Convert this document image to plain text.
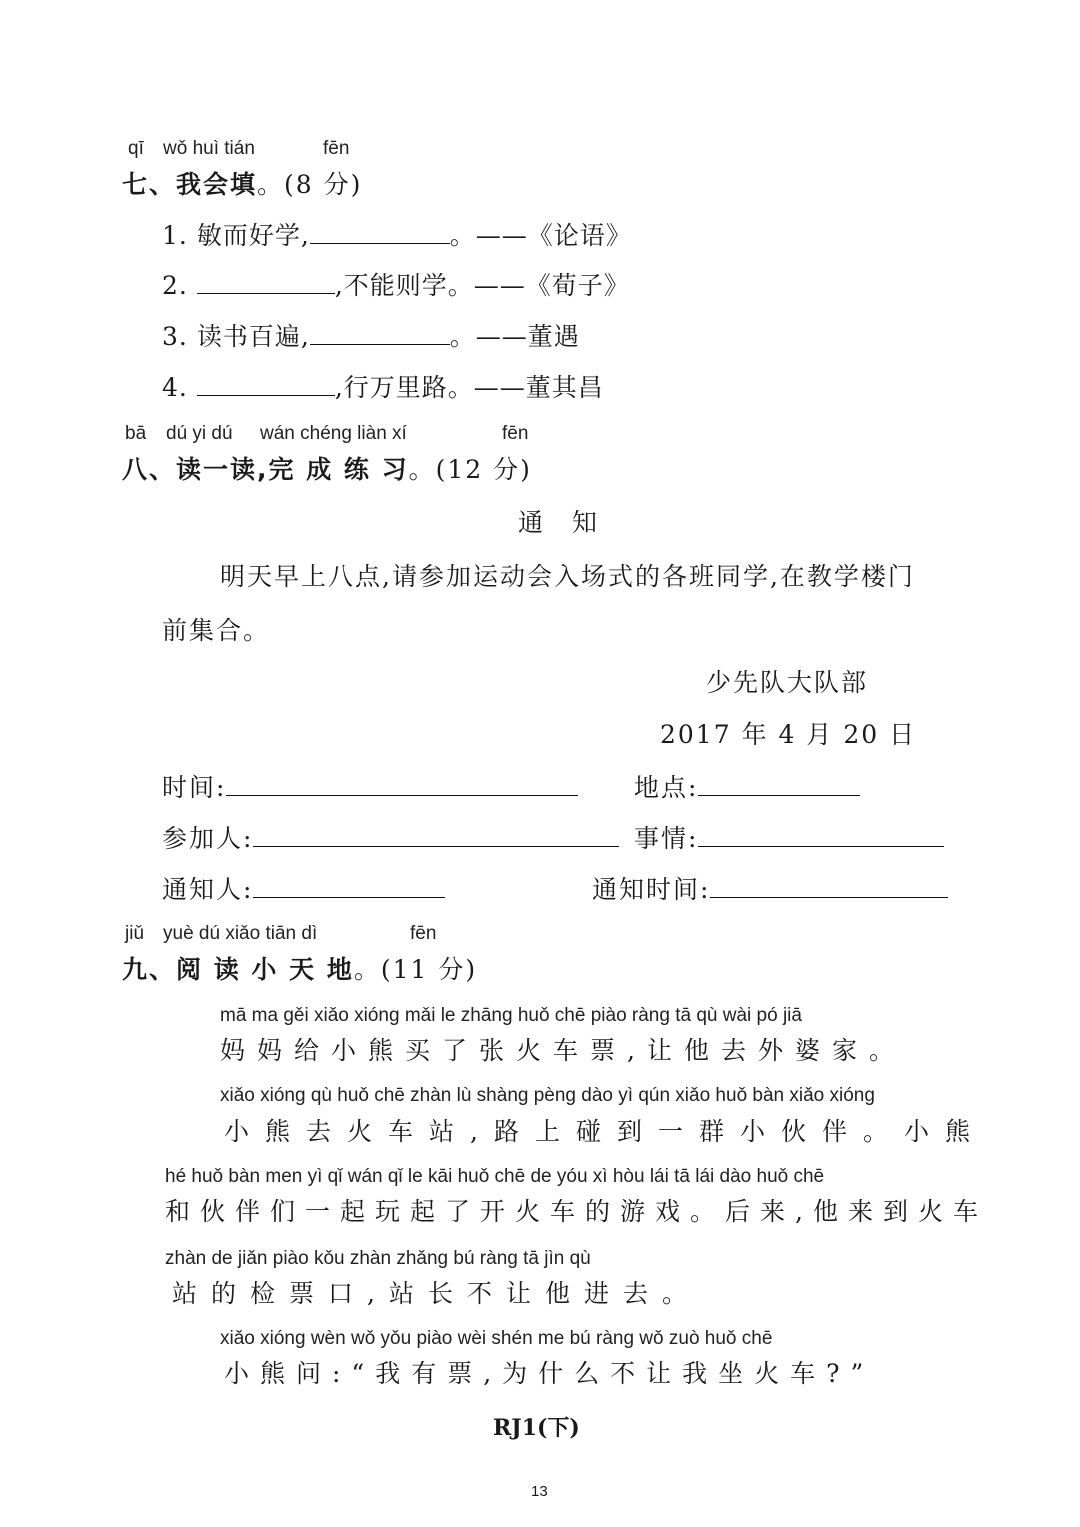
qī wǒ huì tián	fēn
七、我会填。(8 分)
1. 敏而好学,	。——《论语》
2.	,不能则学。——《荀子》
3. 读书百遍,	。——董遇
4.	,行万里路。——董其昌
bā dú yi dú wán chéng liàn xí	fēn
八、读一读,完 成 练 习。(12 分)
通　知
明天早上八点,请参加运动会入场式的各班同学,在教学楼门
前集合。
少先队大队部
2017 年 4 月 20 日
时间:	地点:
参加人:	事情:
通知人:	通知时间:
jiǔ yuè dú xiǎo tiān dì	fēn
九、阅 读 小 天 地。(11 分)
mā ma gěi xiǎo xióng mǎi le zhāng huǒ chē piào ràng tā qù wài pó jiā
妈妈给小熊买了张火车票,让他去外婆家。
xiǎo xióng qù huǒ chē zhàn lù shàng pèng dào yì qún xiǎo huǒ bàn xiǎo xióng
小熊去火车站,路上碰到一群小伙伴。小熊
hé huǒ bàn men yì qǐ wán qǐ le kāi huǒ chē de yóu xì hòu lái tā lái dào huǒ chē
和伙伴们一起玩起了开火车的游戏。后来,他来到火车
zhàn de jiǎn piào kǒu zhàn zhǎng bú ràng tā jìn qù
站的检票口,站长不让他进去。
xiǎo xióng wèn wǒ yǒu piào wèi shén me bú ràng wǒ zuò huǒ chē
小熊问:“我有票,为什么不让我坐火车?”
RJ1(下)
13
